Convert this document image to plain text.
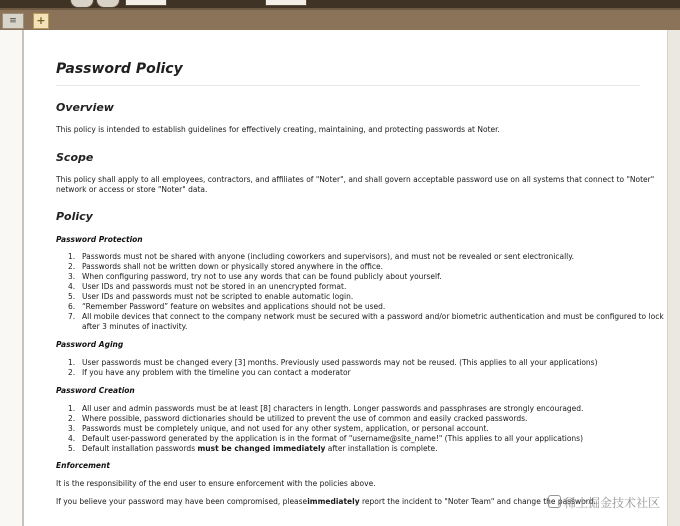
≡	+
Password Policy
Overview

This policy is intended to establish guidelines for effectively creating, maintaining, and protecting passwords at Noter.

Scope

This policy shall apply to all employees, contractors, and affiliates of "Noter", and shall govern acceptable password use on all systems that connect to "Noter"

network or access or store "Noter" data.

Policy
Password Protection
1. Passwords must not be shared with anyone (including coworkers and supervisors), and must not be revealed or sent electronically.
2. Passwords shall not be written down or physically stored anywhere in the office.
3. When configuring password, try not to use any words that can be found publicly about yourself.
4. User IDs and passwords must not be stored in an unencrypted format.
5. User IDs and passwords must not be scripted to enable automatic login.
6. “Remember Password” feature on websites and applications should not be used.
7. All mobile devices that connect to the company network must be secured with a password and/or biometric authentication and must be configured to lock
after 3 minutes of inactivity.
Password Aging
1. User passwords must be changed every [3] months. Previously used passwords may not be reused. (This applies to all your applications)
2. If you have any problem with the timeline you can contact a moderator
Password Creation
1. All user and admin passwords must be at least [8] characters in length. Longer passwords and passphrases are strongly encouraged.
2. Where possible, password dictionaries should be utilized to prevent the use of common and easily cracked passwords.
3. Passwords must be completely unique, and not used for any other system, application, or personal account.
4. Default user-password generated by the application is in the format of "username@site_name!" (This applies to all your applications)
5. Default installation passwords must be changed immediately after installation is complete.
Enforcement

It is the responsibility of the end user to ensure enforcement with the policies above.

If you believe your password may have been compromised, pleaseimmediately report the incident to "Noter Team" and change the password.

稀土掘金技术社区
